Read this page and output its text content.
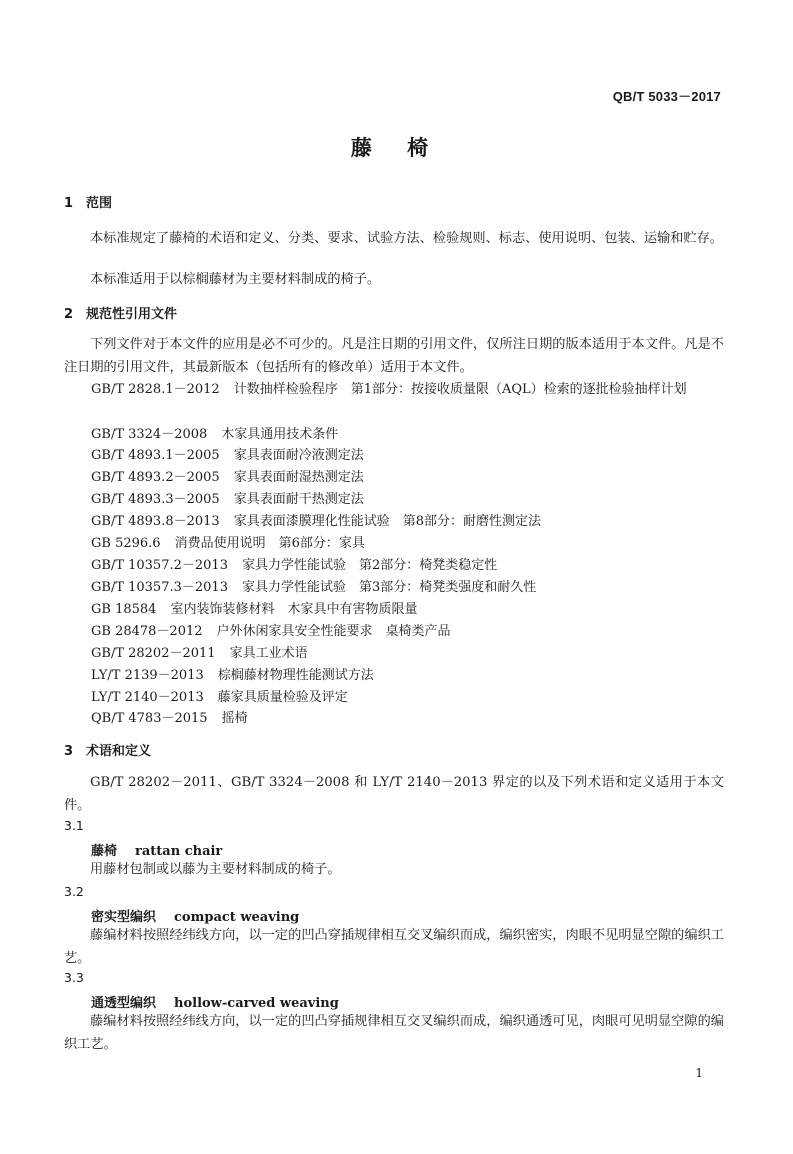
QB/T 5033－2017
藤 椅
1 范围

本标准规定了藤椅的术语和定义、分类、要求、试验方法、检验规则、标志、使用说明、包装、运输和贮存。

本标准适用于以棕榈藤材为主要材料制成的椅子。

2 规范性引用文件

下列文件对于本文件的应用是必不可少的。凡是注日期的引用文件，仅所注日期的版本适用于本文件。凡是不注日期的引用文件，其最新版本（包括所有的修改单）适用于本文件。

GB/T 2828.1－2012 计数抽样检验程序　第1部分：按接收质量限（AQL）检索的逐批检验抽样计划

GB/T 3324－2008 木家具通用技术条件

GB/T 4893.1－2005 家具表面耐冷液测定法

GB/T 4893.2－2005 家具表面耐湿热测定法

GB/T 4893.3－2005 家具表面耐干热测定法

GB/T 4893.8－2013 家具表面漆膜理化性能试验　第8部分：耐磨性测定法

GB 5296.6 消费品使用说明　第6部分：家具

GB/T 10357.2－2013 家具力学性能试验　第2部分：椅凳类稳定性

GB/T 10357.3－2013 家具力学性能试验　第3部分：椅凳类强度和耐久性

GB 18584 室内装饰装修材料　木家具中有害物质限量

GB 28478－2012 户外休闲家具安全性能要求　桌椅类产品

GB/T 28202－2011 家具工业术语

LY/T 2139－2013 棕榈藤材物理性能测试方法

LY/T 2140－2013 藤家具质量检验及评定

QB/T 4783－2015 摇椅

3 术语和定义

GB/T 28202－2011、GB/T 3324－2008 和 LY/T 2140－2013 界定的以及下列术语和定义适用于本文件。

3.1
藤椅 rattan chair

用藤材包制或以藤为主要材料制成的椅子。

3.2
密实型编织 compact weaving

藤编材料按照经纬线方向，以一定的凹凸穿插规律相互交叉编织而成，编织密实，肉眼不见明显空隙的编织工艺。

3.3
通透型编织 hollow-carved weaving

藤编材料按照经纬线方向，以一定的凹凸穿插规律相互交叉编织而成，编织通透可见，肉眼可见明显空隙的编织工艺。

1
